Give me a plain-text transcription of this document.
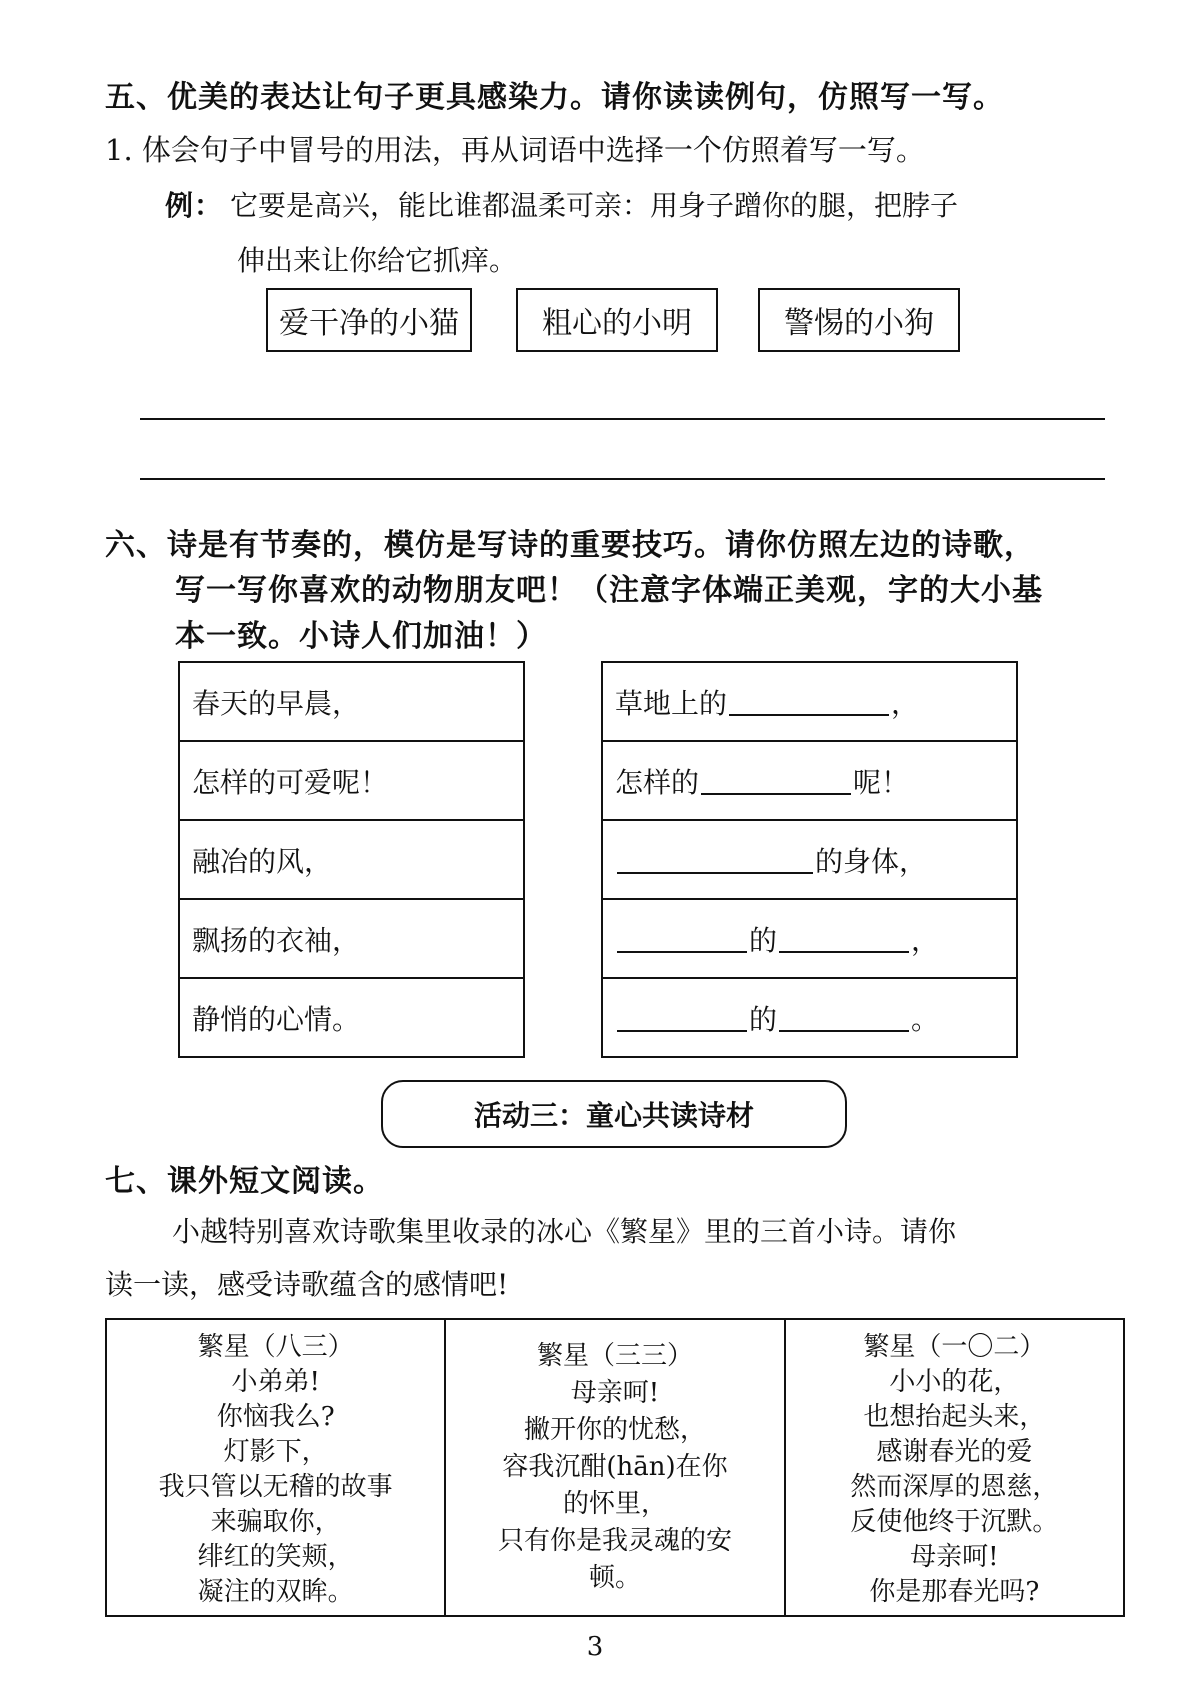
五、优美的表达让句子更具感染力。请你读读例句，仿照写一写。
1. 体会句子中冒号的用法，再从词语中选择一个仿照着写一写。
例： 它要是高兴，能比谁都温柔可亲：用身子蹭你的腿，把脖子
伸出来让你给它抓痒。
爱干净的小猫	粗心的小明	警惕的小狗
六、诗是有节奏的，模仿是写诗的重要技巧。请你仿照左边的诗歌，
写一写你喜欢的动物朋友吧！（注意字体端正美观，字的大小基
本一致。小诗人们加油！）
春天的早晨，
怎样的可爱呢！
融冶的风，
飘扬的衣袖，
静悄的心情。
草地上的	，
怎样的	呢！
的身体，
的	，
的	。
活动三：童心共读诗材
七、课外短文阅读。
小越特别喜欢诗歌集里收录的冰心《繁星》里的三首小诗。请你
读一读，感受诗歌蕴含的感情吧!
繁星（八三）
小弟弟!
你恼我么?
灯影下，
我只管以无稽的故事
来骗取你，
绯红的笑颊，
凝注的双眸。
繁星（三三）
母亲呵!
撇开你的忧愁，
容我沉酣(hān)在你
的怀里，
只有你是我灵魂的安
顿。
繁星（一〇二）
小小的花，
也想抬起头来，
感谢春光的爱
然而深厚的恩慈，
反使他终于沉默。
母亲呵!
你是那春光吗?
3
